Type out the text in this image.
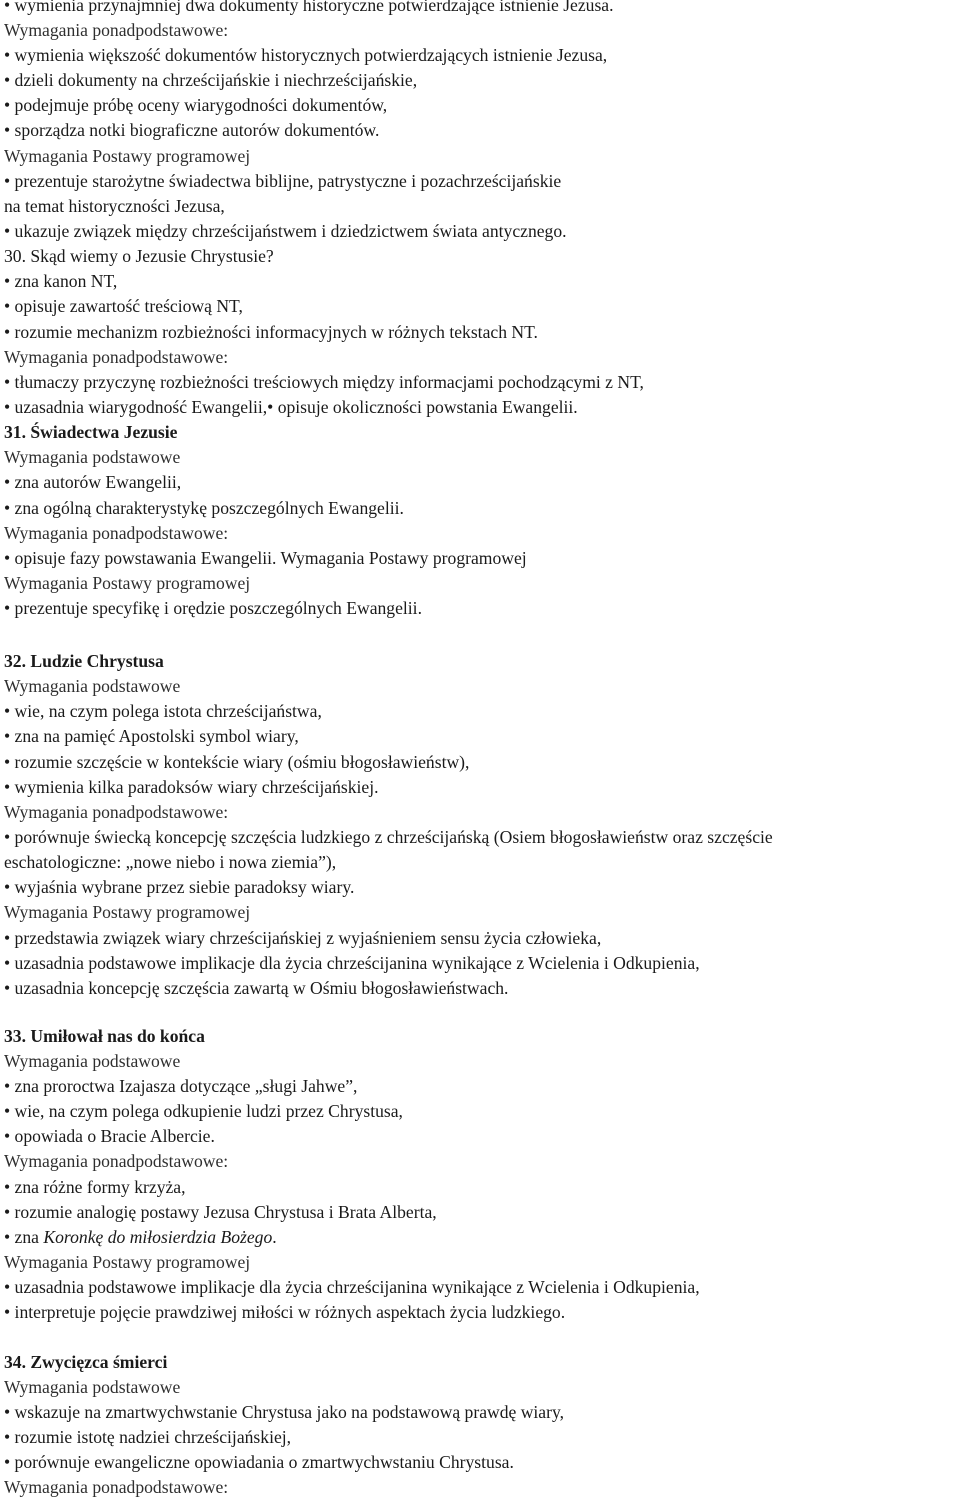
• wymienia przynajmniej dwa dokumenty historyczne potwierdzające istnienie Jezusa.
Wymagania ponadpodstawowe:
• wymienia większość dokumentów historycznych potwierdzających istnienie Jezusa,
• dzieli dokumenty na chrześcijańskie i niechrześcijańskie,
• podejmuje próbę oceny wiarygodności dokumentów,
• sporządza notki biograficzne autorów dokumentów.
Wymagania Postawy programowej
• prezentuje starożytne świadectwa biblijne, patrystyczne i pozachrześcijańskie
na temat historyczności Jezusa,
• ukazuje związek między chrześcijaństwem i dziedzictwem świata antycznego.
30. Skąd wiemy o Jezusie Chrystusie?
• zna kanon NT,
• opisuje zawartość treściową NT,
• rozumie mechanizm rozbieżności informacyjnych w różnych tekstach NT.
Wymagania ponadpodstawowe:
• tłumaczy przyczynę rozbieżności treściowych między informacjami pochodzącymi z NT,
• uzasadnia wiarygodność Ewangelii,• opisuje okoliczności powstania Ewangelii.
31. Świadectwa Jezusie
Wymagania podstawowe
• zna autorów Ewangelii,
• zna ogólną charakterystykę poszczególnych Ewangelii.
Wymagania ponadpodstawowe:
• opisuje fazy powstawania Ewangelii. Wymagania Postawy programowej
Wymagania Postawy programowej
• prezentuje specyfikę i orędzie poszczególnych Ewangelii.
32. Ludzie Chrystusa
Wymagania podstawowe
• wie, na czym polega istota chrześcijaństwa,
• zna na pamięć Apostolski symbol wiary,
• rozumie szczęście w kontekście wiary (ośmiu błogosławieństw),
• wymienia kilka paradoksów wiary chrześcijańskiej.
Wymagania ponadpodstawowe:
• porównuje świecką koncepcję szczęścia ludzkiego z chrześcijańską (Osiem błogosławieństw oraz szczęście
eschatologiczne: „nowe niebo i nowa ziemia”),
• wyjaśnia wybrane przez siebie paradoksy wiary.
Wymagania Postawy programowej
• przedstawia związek wiary chrześcijańskiej z wyjaśnieniem sensu życia człowieka,
• uzasadnia podstawowe implikacje dla życia chrześcijanina wynikające z Wcielenia i Odkupienia,
• uzasadnia koncepcję szczęścia zawartą w Ośmiu błogosławieństwach.
33. Umiłował nas do końca
Wymagania podstawowe
• zna proroctwa Izajasza dotyczące „sługi Jahwe”,
• wie, na czym polega odkupienie ludzi przez Chrystusa,
• opowiada o Bracie Albercie.
Wymagania ponadpodstawowe:
• zna różne formy krzyża,
• rozumie analogię postawy Jezusa Chrystusa i Brata Alberta,
• zna Koronkę do miłosierdzia Bożego.
Wymagania Postawy programowej
• uzasadnia podstawowe implikacje dla życia chrześcijanina wynikające z Wcielenia i Odkupienia,
• interpretuje pojęcie prawdziwej miłości w różnych aspektach życia ludzkiego.
34. Zwycięzca śmierci
Wymagania podstawowe
• wskazuje na zmartwychwstanie Chrystusa jako na podstawową prawdę wiary,
• rozumie istotę nadziei chrześcijańskiej,
• porównuje ewangeliczne opowiadania o zmartwychwstaniu Chrystusa.
Wymagania ponadpodstawowe:
